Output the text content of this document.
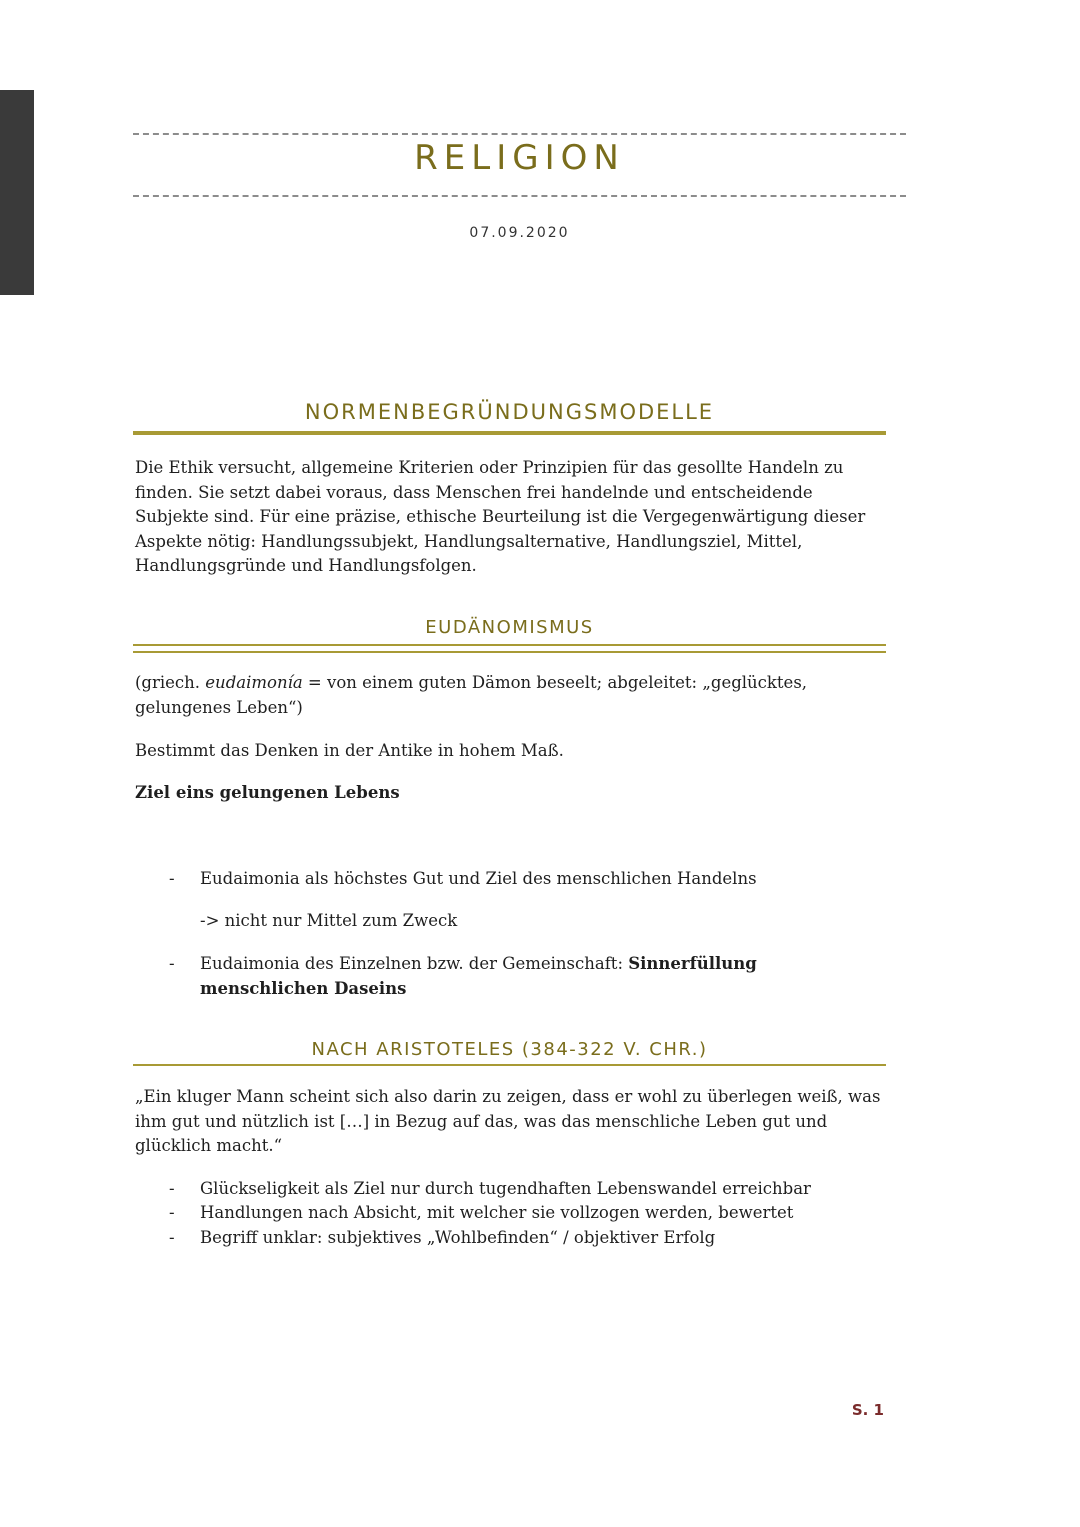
RELIGION
07.09.2020
NORMENBEGRÜNDUNGSMODELLE

Die Ethik versucht, allgemeine Kriterien oder Prinzipien für das gesollte Handeln zu finden. Sie setzt dabei voraus, dass Menschen frei handelnde und entscheidende Subjekte sind. Für eine präzise, ethische Beurteilung ist die Vergegenwärtigung dieser Aspekte nötig: Handlungssubjekt, Handlungsalternative, Handlungsziel, Mittel, Handlungsgründe und Handlungsfolgen.

EUDÄNOMISMUS

(griech. eudaimonía = von einem guten Dämon beseelt; abgeleitet: „geglücktes, gelungenes Leben“)

Bestimmt das Denken in der Antike in hohem Maß.

Ziel eins gelungenen Lebens

- Eudaimonia als höchstes Gut und Ziel des menschlichen Handelns
-> nicht nur Mittel zum Zweck
- Eudaimonia des Einzelnen bzw. der Gemeinschaft: Sinnerfüllung menschlichen Daseins
NACH ARISTOTELES (384-322 V. CHR.)

„Ein kluger Mann scheint sich also darin zu zeigen, dass er wohl zu überlegen weiß, was ihm gut und nützlich ist […] in Bezug auf das, was das menschliche Leben gut und glücklich macht.“

- Glückseligkeit als Ziel nur durch tugendhaften Lebenswandel erreichbar
- Handlungen nach Absicht, mit welcher sie vollzogen werden, bewertet
- Begriff unklar: subjektives „Wohlbefinden“ / objektiver Erfolg
S. 1
